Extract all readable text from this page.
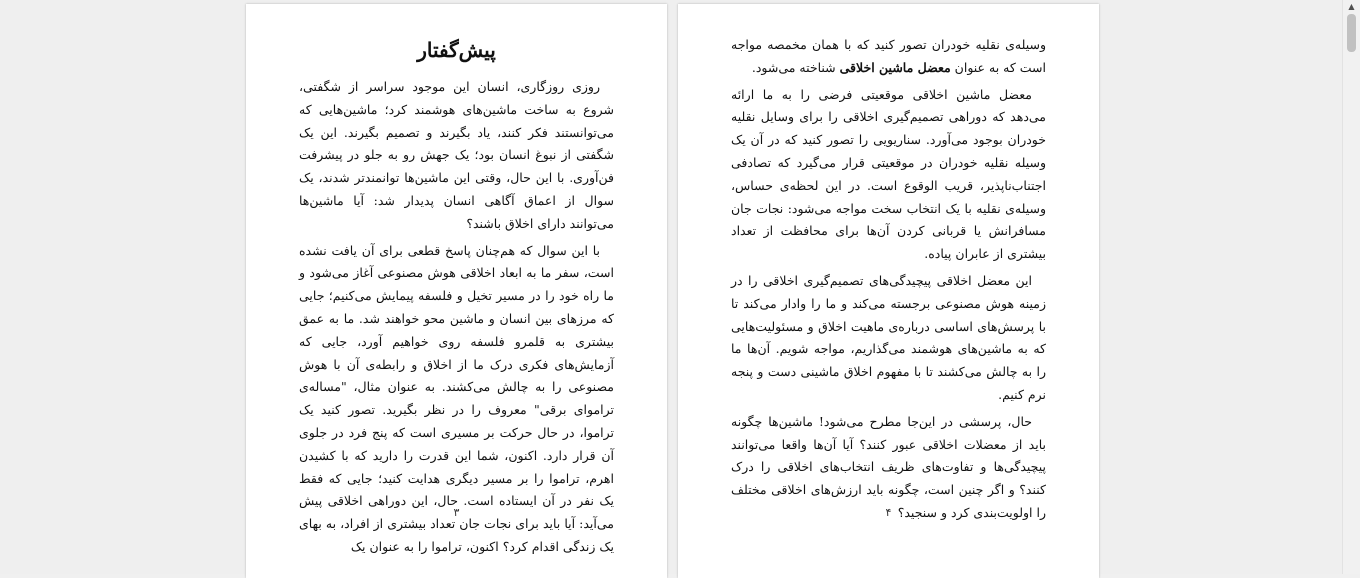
پیش‌گفتار

روزی روزگاری، انسان این موجود سراسر از شگفتی، شروع به ساخت ماشین‌های هوشمند کرد؛ ماشین‌هایی که می‌توانستند فکر کنند، یاد بگیرند و تصمیم بگیرند. این یک شگفتی از نبوغ انسان بود؛ یک جهش رو به جلو در پیشرفت فن‌آوری. با این حال، وقتی این ماشین‌ها توانمندتر شدند، یک سوال از اعماق آگاهی انسان پدیدار شد: آیا ماشین‌ها می‌توانند دارای اخلاق باشند؟

با این سوال که هم‌چنان پاسخ قطعی برای آن یافت نشده است، سفر ما به ابعاد اخلاقی هوش مصنوعی آغاز می‌شود و ما راه خود را در مسیر تخیل و فلسفه پیمایش می‌کنیم؛ جایی که مرزهای بین انسان و ماشین محو خواهند شد. ما به عمق بیشتری به قلمرو فلسفه روی خواهیم آورد، جایی که آزمایش‌های فکری درک ما از اخلاق و رابطه‌ی آن با هوش مصنوعی را به چالش می‌کشند. به عنوان مثال، "مساله‌ی تراموای برقی" معروف را در نظر بگیرید. تصور کنید یک تراموا، در حال حرکت بر مسیری است که پنج فرد در جلوی آن قرار دارد. اکنون، شما این قدرت را دارید که با کشیدن اهرم، تراموا را بر مسیر دیگری هدایت کنید؛ جایی که فقط یک نفر در آن ایستاده است. حال، این دوراهی اخلاقی پیش می‌آید: آیا باید برای نجات جان تعداد بیشتری از افراد، به بهای یک زندگی اقدام کرد؟ اکنون، تراموا را به عنوان یک

۳

وسیله‌ی نقلیه خودران تصور کنید که با همان مخمصه مواجه است که به عنوان معضل ماشین اخلاقی شناخته می‌شود.

معضل ماشین اخلاقی موقعیتی فرضی را به ما ارائه می‌دهد که دوراهی تصمیم‌گیری اخلاقی را برای وسایل نقلیه خودران بوجود می‌آورد. سناریویی را تصور کنید که در آن یک وسیله نقلیه خودران در موقعیتی قرار می‌گیرد که تصادفی اجتناب‌ناپذیر، قریب الوقوع است. در این لحظه‌ی حساس، وسیله‌ی نقلیه با یک انتخاب سخت مواجه می‌شود: نجات جان مسافرانش یا قربانی کردن آن‌ها برای محافظت از تعداد بیشتری از عابران پیاده.

این معضل اخلاقی پیچیدگی‌های تصمیم‌گیری اخلاقی را در زمینه هوش مصنوعی برجسته می‌کند و ما را وادار می‌کند تا با پرسش‌های اساسی درباره‌ی ماهیت اخلاق و مسئولیت‌هایی که به ماشین‌های هوشمند می‌گذاریم، مواجه شویم. آن‌ها ما را به چالش می‌کشند تا با مفهوم اخلاق ماشینی دست و پنجه نرم کنیم.

حال، پرسشی در این‌جا مطرح می‌شود! ماشین‌ها چگونه باید از معضلات اخلاقی عبور کنند؟ آیا آن‌ها واقعا می‌توانند پیچیدگی‌ها و تفاوت‌های ظریف انتخاب‌های اخلاقی را درک کنند؟ و اگر چنین است، چگونه باید ارزش‌های اخلاقی مختلف را اولویت‌بندی کرد و سنجید؟

۴
▲
